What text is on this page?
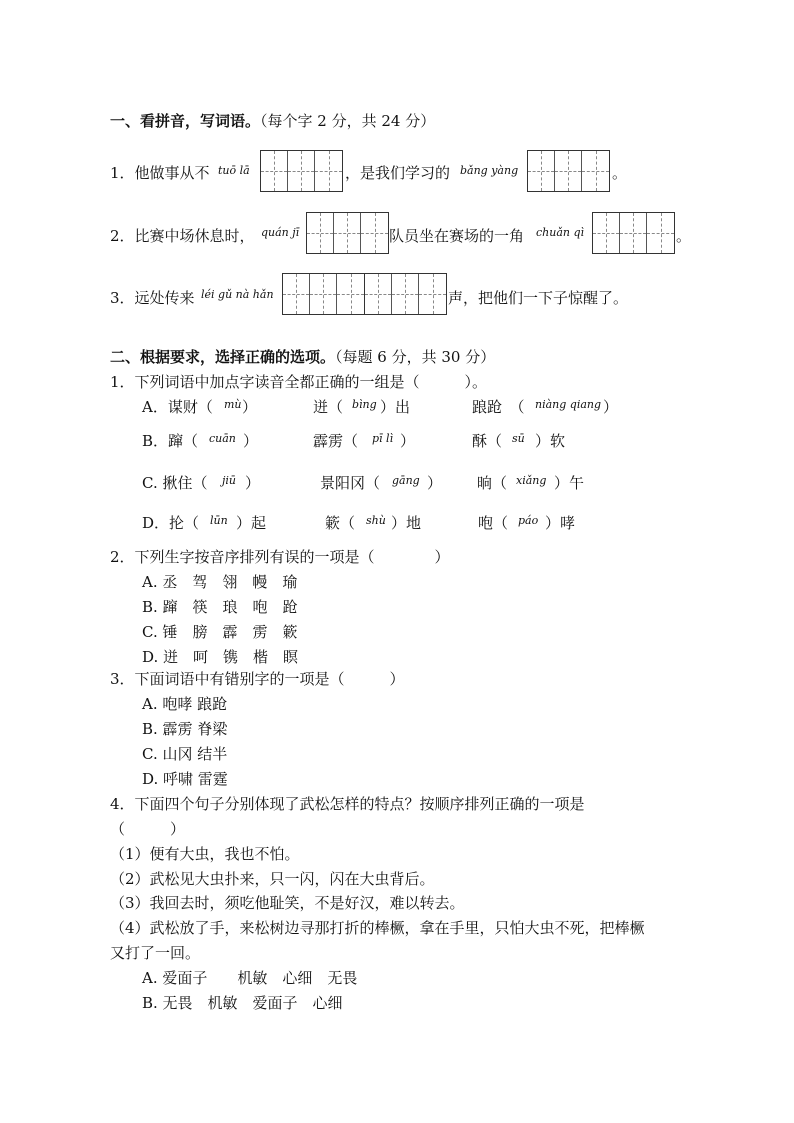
一、看拼音，写词语。（每个字 2 分，共 24 分）
1．他做事从不 tuō lā	，是我们学习的 bǎng yàng	。
2．比赛中场休息时， quán jī	队员坐在赛场的一角 chuǎn qì	。
3．远处传来 léi gǔ nà hǎn	声，把他们一下子惊醒了。
二、根据要求，选择正确的选项。（每题 6 分，共 30 分）
1．下列词语中加点字读音全都正确的一组是（　　　）。
A．谋财（ mù ）	迸（ bìng ）出	踉跄　（ niàng qiang ）
B．蹿（ cuān ）	霹雳（ pī lì ）	酥（ sū ）软
C. 揪住（ jiū ）	景阳冈（ gāng ） 晌（ xiǎng ）午
D．抡（ lūn ）起	簌（ shù ）地	咆（ páo ）哮
2．下列生字按音序排列有误的一项是（　　　　）
A. 丞　驾　翎　幔　瑜
B. 蹿　筷　琅　咆　跄
C. 锤　膀　霹　雳　簌
D. 迸　呵　镌　楷　瞑
3．下面词语中有错别字的一项是（　　　）
A. 咆哮 踉跄
B. 霹雳 脊梁
C. 山冈 结半
D. 呼啸 雷霆
4．下面四个句子分别体现了武松怎样的特点？按顺序排列正确的一项是
（　　　）
（1）便有大虫，我也不怕。
（2）武松见大虫扑来，只一闪，闪在大虫背后。
（3）我回去时，须吃他耻笑，不是好汉，难以转去。
（4）武松放了手，来松树边寻那打折的棒橛，拿在手里，只怕大虫不死，把棒橛
又打了一回。
A. 爱面子　　机敏　心细　无畏
B. 无畏　机敏　爱面子　心细
